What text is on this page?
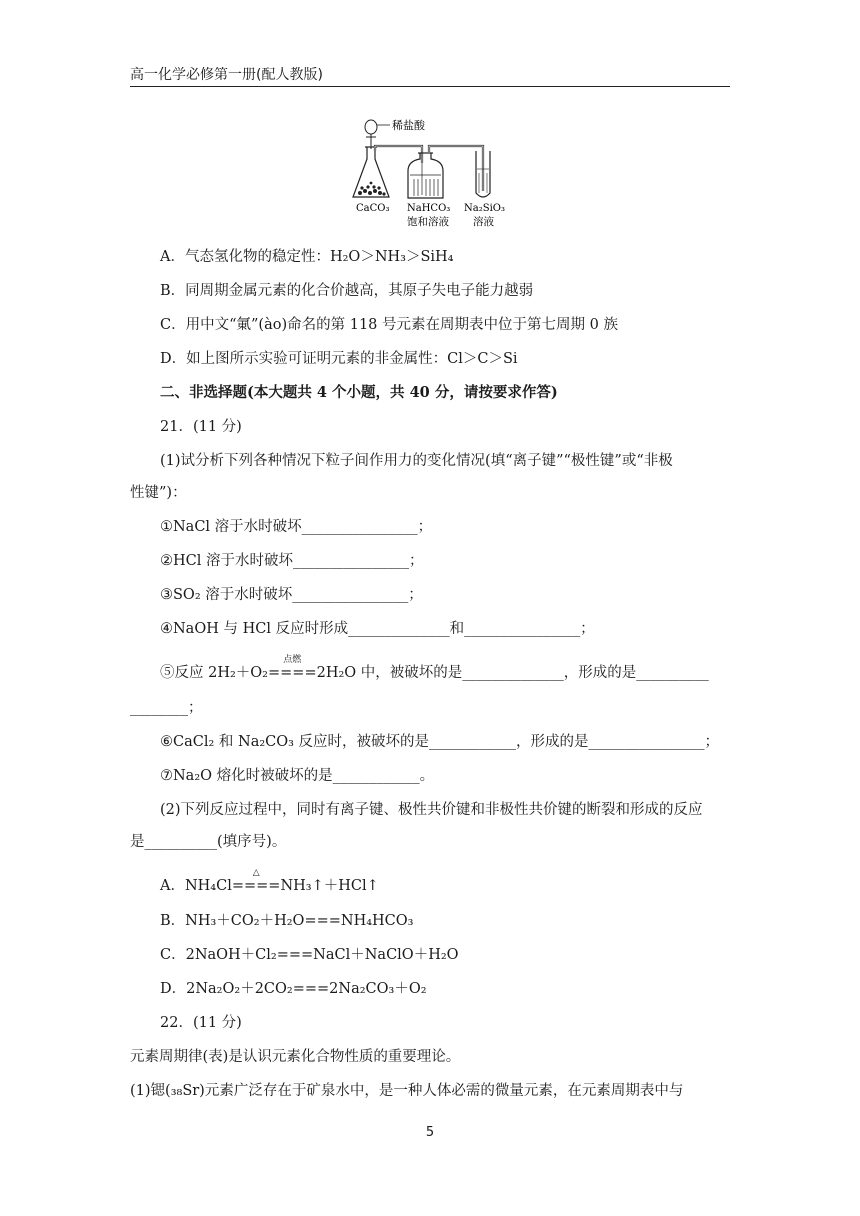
高一化学必修第一册(配人教版)
稀盐酸
CaCO₃ NaHCO₃
饱和溶液
Na₂SiO₃
溶液
A．气态氢化物的稳定性：H₂O＞NH₃＞SiH₄
B．同周期金属元素的化合价越高，其原子失电子能力越弱
C．用中文“氭”(ào)命名的第 118 号元素在周期表中位于第七周期 0 族
D．如上图所示实验可证明元素的非金属性：Cl＞C＞Si
二、非选择题(本大题共 4 个小题，共 40 分，请按要求作答)
21．(11 分)
(1)试分析下列各种情况下粒子间作用力的变化情况(填“离子键”“极性键”或“非极
性键”)：
①NaCl 溶于水时破坏________________；
②HCl 溶于水时破坏________________；
③SO₂ 溶于水时破坏________________；
④NaOH 与 HCl 反应时形成______________和________________；
⑤反应 2H₂＋O₂
点燃
====2H₂O 中，被破坏的是______________，形成的是__________
________；
⑥CaCl₂ 和 Na₂CO₃ 反应时，被破坏的是____________，形成的是________________；
⑦Na₂O 熔化时被破坏的是____________。
(2)下列反应过程中，同时有离子键、极性共价键和非极性共价键的断裂和形成的反应
是__________(填序号)。
A．NH₄Cl
△
====NH₃↑＋HCl↑
B．NH₃＋CO₂＋H₂O===NH₄HCO₃
C．2NaOH＋Cl₂===NaCl＋NaClO＋H₂O
D．2Na₂O₂＋2CO₂===2Na₂CO₃＋O₂
22．(11 分)
元素周期律(表)是认识元素化合物性质的重要理论。
(1)锶(₃₈Sr)元素广泛存在于矿泉水中，是一种人体必需的微量元素，在元素周期表中与
5
